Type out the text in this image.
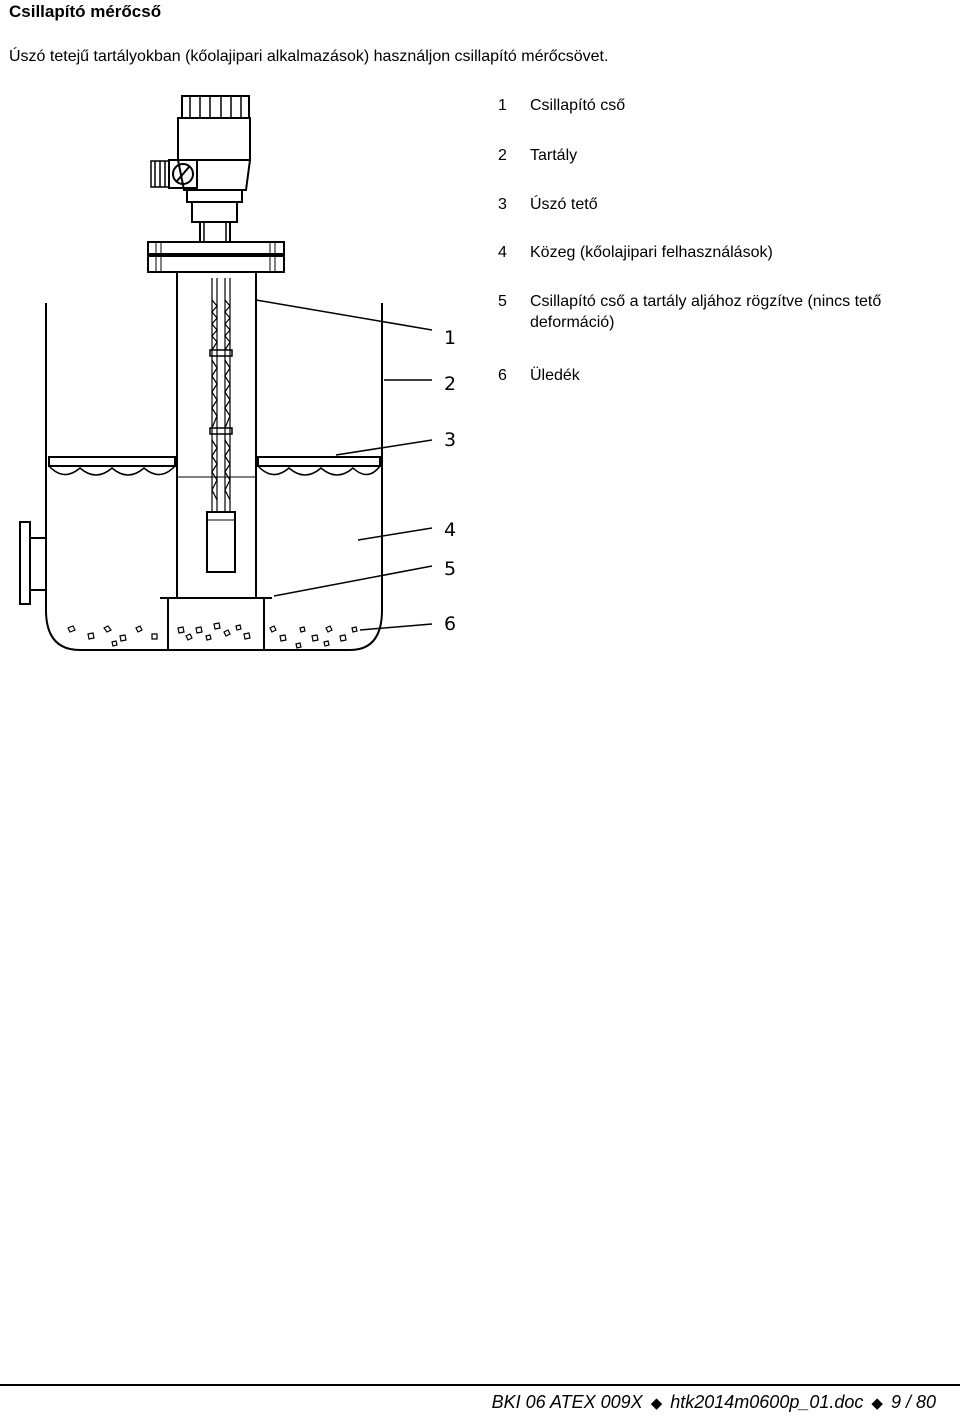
Csillapító mérőcső
Úszó tetejű tartályokban (kőolajipari alkalmazások) használjon csillapító mérőcsövet.
1	Csillapító cső
2	Tartály
3	Úszó tető
4	Közeg (kőolajipari felhasználások)
5	Csillapító cső a tartály aljához rögzítve (nincs tető deformáció)
6	Üledék
1
2
3
4
5
6
BKI 06 ATEX 009X ◆ htk2014m0600p_01.doc ◆ 9 / 80
